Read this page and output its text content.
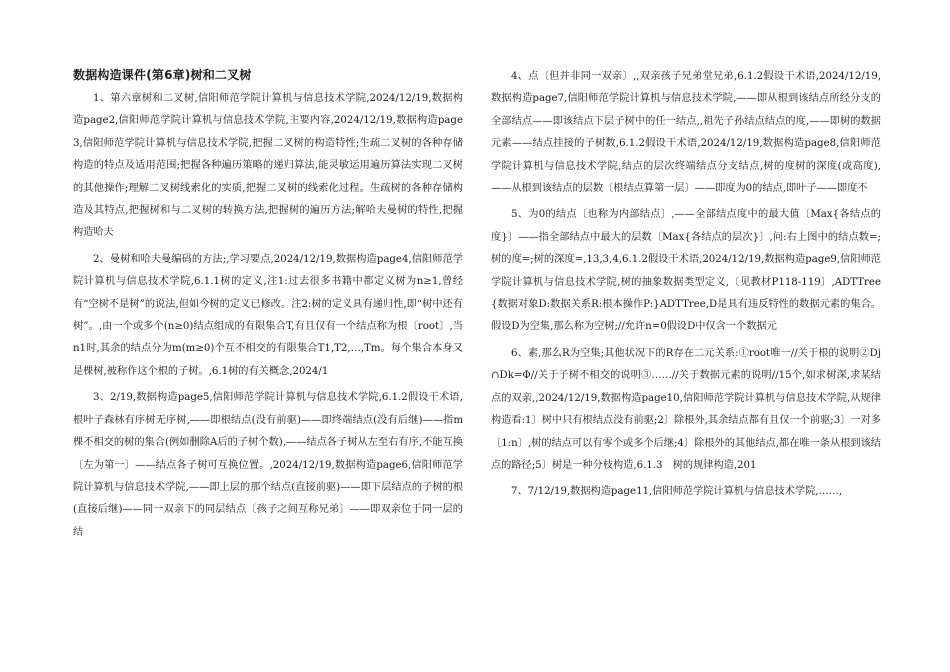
数据构造课件(第6章)树和二叉树

1、第六章树和二叉树,信阳师范学院计算机与信息技术学院,2024/12/19,数据构造page2,信阳师范学院计算机与信息技术学院,主要内容,2024/12/19,数据构造page3,信阳师范学院计算机与信息技术学院,把握二叉树的构造特性;生疏二叉树的各种存储构造的特点及适用范围;把握各种遍历策略的递归算法,能灵敏运用遍历算法实现二叉树的其他操作;理解二叉树线索化的实质,把握二叉树的线索化过程。生疏树的各种存储构造及其特点,把握树和与二叉树的转换方法,把握树的遍历方法;解哈夫曼树的特性,把握构造哈夫

2、曼树和哈夫曼编码的方法;,学习要点,2024/12/19,数据构造page4,信阳师范学院计算机与信息技术学院,6.1.1树的定义,注1:过去很多书籍中都定义树为n≥1,曾经有“空树不是树”的说法,但如今树的定义已修改。注2:树的定义具有递归性,即“树中还有树”。,由一个或多个(n≥0)结点组成的有限集合T,有且仅有一个结点称为根〔root〕,当n1时,其余的结点分为m(m≥0)个互不相交的有限集合T1,T2,…,Tm。每个集合本身又是棵树,被称作这个根的子树。,6.1树的有关概念,2024/1

3、2/19,数据构造page5,信阳师范学院计算机与信息技术学院,6.1.2假设干术语,根叶子森林有序树无序树,——即根结点(没有前驱)——即终端结点(没有后继)——指m棵不相交的树的集合(例如删除A后的子树个数),——结点各子树从左至右有序,不能互换〔左为第一〕——结点各子树可互换位置。,2024/12/19,数据构造page6,信阳师范学院计算机与信息技术学院,——即上层的那个结点(直接前驱)——即下层结点的子树的根(直接后继)——同一双亲下的同层结点〔孩子之间互称兄弟〕——即双亲位于同一层的结

4、点〔但并非同一双亲〕,,双亲孩子兄弟堂兄弟,6.1.2假设干术语,2024/12/19,数据构造page7,信阳师范学院计算机与信息技术学院,——即从根到该结点所经分支的全部结点——即该结点下层子树中的任一结点,,祖先子孙结点结点的度,——即树的数据元素——结点挂接的子树数,6.1.2假设干术语,2024/12/19,数据构造page8,信阳师范学院计算机与信息技术学院,结点的层次终端结点分支结点,树的度树的深度(或高度),——从根到该结点的层数〔根结点算第一层〕——即度为0的结点,即叶子——即度不

5、为0的结点〔也称为内部结点〕,——全部结点度中的最大值〔Max{各结点的度}〕——指全部结点中最大的层数〔Max{各结点的层次}〕,问:右上图中的结点数=;树的度=;树的深度=,13,3,4,6.1.2假设干术语,2024/12/19,数据构造page9,信阳师范学院计算机与信息技术学院,树的抽象数据类型定义,〔见教材P118-119〕,ADTTree{数据对象D:数据关系R:根本操作P:}ADTTree,D是具有违反特性的数据元素的集合。假设D为空集,那么称为空树;//允许n=0假设D中仅含一个数据元

6、素,那么R为空集;其他状况下的R存在二元关系:①root唯一//关于根的说明②Dj∩Dk=Φ//关于子树不相交的说明③……//关于数据元素的说明//15个,如求树深,求某结点的双亲,,2024/12/19,数据构造page10,信阳师范学院计算机与信息技术学院,从规律构造看:1〕树中只有根结点没有前驱;2〕除根外,其余结点都有且仅一个前驱;3〕一对多〔1:n〕,树的结点可以有零个或多个后继;4〕除根外的其他结点,都在唯一条从根到该结点的路径;5〕树是一种分枝构造,6.1.3　树的规律构造,201

7、7/12/19,数据构造page11,信阳师范学院计算机与信息技术学院,……,
